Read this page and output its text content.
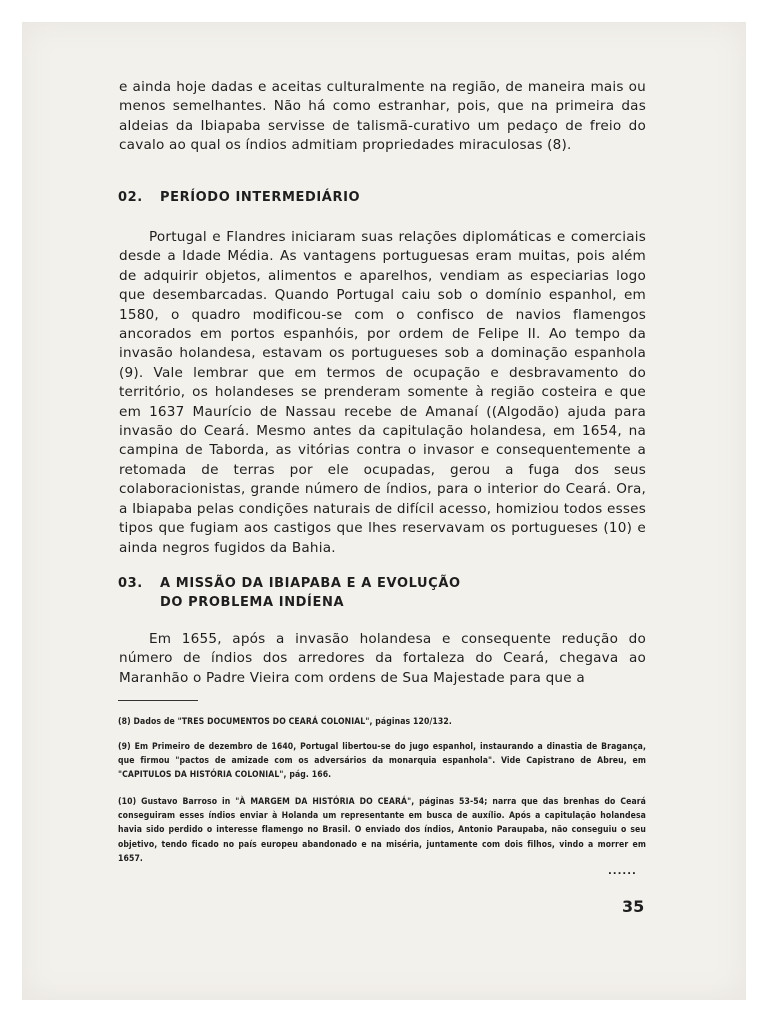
e ainda hoje dadas e aceitas culturalmente na região, de maneira mais ou menos semelhantes. Não há como estranhar, pois, que na primeira das aldeias da Ibiapaba servisse de talismã-curativo um pedaço de freio do cavalo ao qual os índios admitiam propriedades miraculosas (8).

02. PERÍODO INTERMEDIÁRIO

Portugal e Flandres iniciaram suas relações diplomáticas e comerciais desde a Idade Média. As vantagens portuguesas eram muitas, pois além de adquirir objetos, alimentos e aparelhos, vendiam as especiarias logo que desembarcadas. Quando Portugal caiu sob o domínio espanhol, em 1580, o quadro modificou-se com o confisco de navios flamengos ancorados em portos espanhóis, por ordem de Felipe II. Ao tempo da invasão holandesa, estavam os portugueses sob a dominação espanhola (9). Vale lembrar que em termos de ocupação e desbravamento do território, os holandeses se prenderam somente à região costeira e que em 1637 Maurício de Nassau recebe de Amanaí ((Algodão) ajuda para invasão do Ceará. Mesmo antes da capitulação holandesa, em 1654, na campina de Taborda, as vitórias contra o invasor e consequentemente a retomada de terras por ele ocupadas, gerou a fuga dos seus colaboracionistas, grande número de índios, para o interior do Ceará. Ora, a Ibiapaba pelas condições naturais de difícil acesso, homiziou todos esses tipos que fugiam aos castigos que lhes reservavam os portugueses (10) e ainda negros fugidos da Bahia.

03. A MISSÃO DA IBIAPABA E A EVOLUÇÃO
DO PROBLEMA INDÍENA

Em 1655, após a invasão holandesa e consequente redução do número de índios dos arredores da fortaleza do Ceará, chegava ao Maranhão o Padre Vieira com ordens de Sua Majestade para que a

(8) Dados de "TRES DOCUMENTOS DO CEARÁ COLONIAL", páginas 120/132.

(9) Em Primeiro de dezembro de 1640, Portugal libertou-se do jugo espanhol, instaurando a dinastia de Bragança, que firmou "pactos de amizade com os adversários da monarquia espanhola". Vide Capistrano de Abreu, em "CAPITULOS DA HISTÓRIA COLONIAL", pág. 166.

(10) Gustavo Barroso in "À MARGEM DA HISTÓRIA DO CEARÁ", páginas 53-54; narra que das brenhas do Ceará conseguiram esses índios enviar à Holanda um representante em busca de auxílio. Após a capitulação holandesa havia sido perdido o interesse flamengo no Brasil. O enviado dos índios, Antonio Paraupaba, não conseguiu o seu objetivo, tendo ficado no país europeu abandonado e na miséria, juntamente com dois filhos, vindo a morrer em 1657.

......
35
